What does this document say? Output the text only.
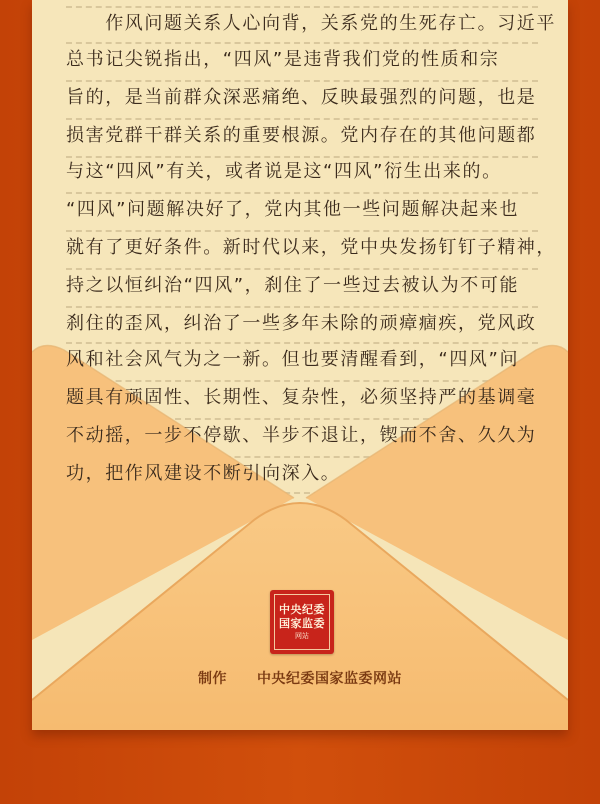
　　作风问题关系人心向背，关系党的生死存亡。习近平
总书记尖锐指出，“四风”是违背我们党的性质和宗
旨的，是当前群众深恶痛绝、反映最强烈的问题，也是
损害党群干群关系的重要根源。党内存在的其他问题都
与这“四风”有关，或者说是这“四风”衍生出来的。
“四风”问题解决好了，党内其他一些问题解决起来也
就有了更好条件。新时代以来，党中央发扬钉钉子精神，
持之以恒纠治“四风”，刹住了一些过去被认为不可能
刹住的歪风，纠治了一些多年未除的顽瘴痼疾，党风政
风和社会风气为之一新。但也要清醒看到，“四风”问
题具有顽固性、长期性、复杂性，必须坚持严的基调毫
不动摇，一步不停歇、半步不退让，锲而不舍、久久为
功，把作风建设不断引向深入。
中央纪委
国家监委
网站
制作 中央纪委国家监委网站
